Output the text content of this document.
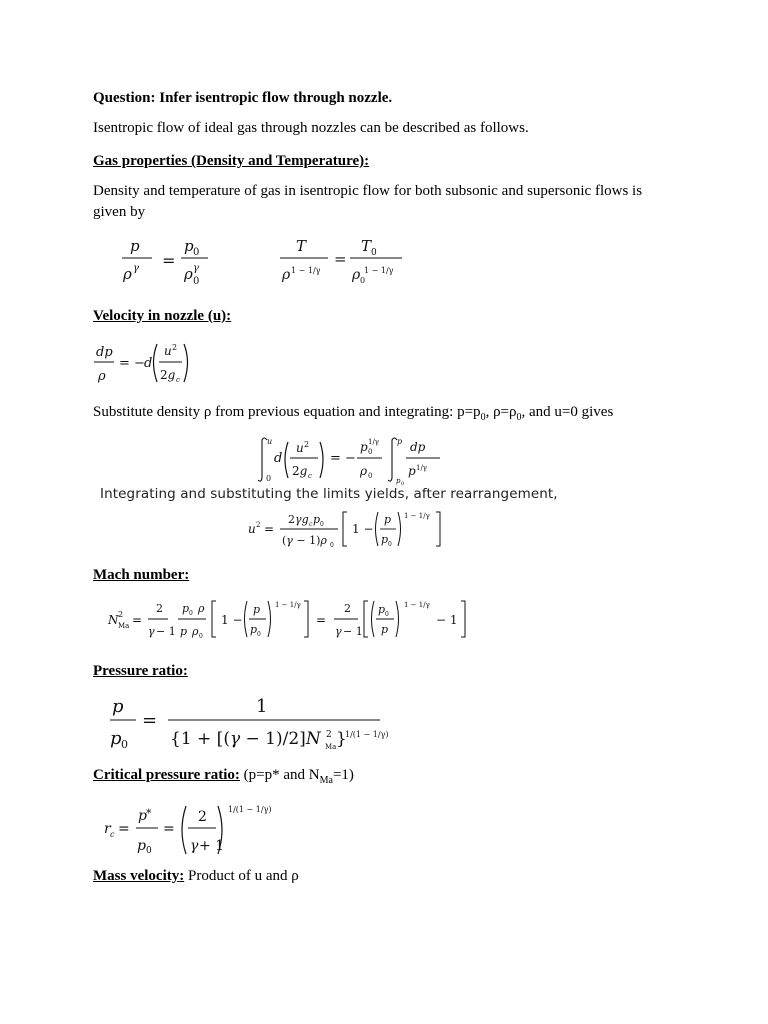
Question: Infer isentropic flow through nozzle.
Isentropic flow of ideal gas through nozzles can be described as follows.
Gas properties (Density and Temperature):
Density and temperature of gas in isentropic flow for both subsonic and supersonic flows is given by
p
ρ γ =
p 0
ρ γ
0
T
ρ 1 − 1/γ
=
T 0
ρ 0
1 − 1/γ
Velocity in nozzle (u):
dp
ρ
= − d
u 2
2g c
Substitute density ρ from previous equation and integrating: $p=p_0$, $\rho=\rho_0$, and u=0 gives
u
0
d
u 2
2g c
= −
p 1/γ
0
ρ 0
p
p 0
dp
p 1/γ
Integrating and substituting the limits yields, after rearrangement,
u 2 =
2γg c p 0
(γ − 1)ρ 0
1 −
p
p 0
1 − 1/γ
Mach number:
N 2
Ma =
2
γ − 1
p 0 ρ
p ρ 0
1 −
p
p 0
1 − 1/γ
=
2
γ − 1
p 0
p
1 − 1/γ
− 1
Pressure ratio:
p
p 0
=
1
{1 + [(γ − 1)/2]N 2
Ma }
1/(1 − 1/γ)
Critical pressure ratio: (p=p* and $N_{Ma}=1$)
r c =
p *
p 0
=
2
γ + 1
1/(1 − 1/γ)
Mass velocity: Product of u and ρ
